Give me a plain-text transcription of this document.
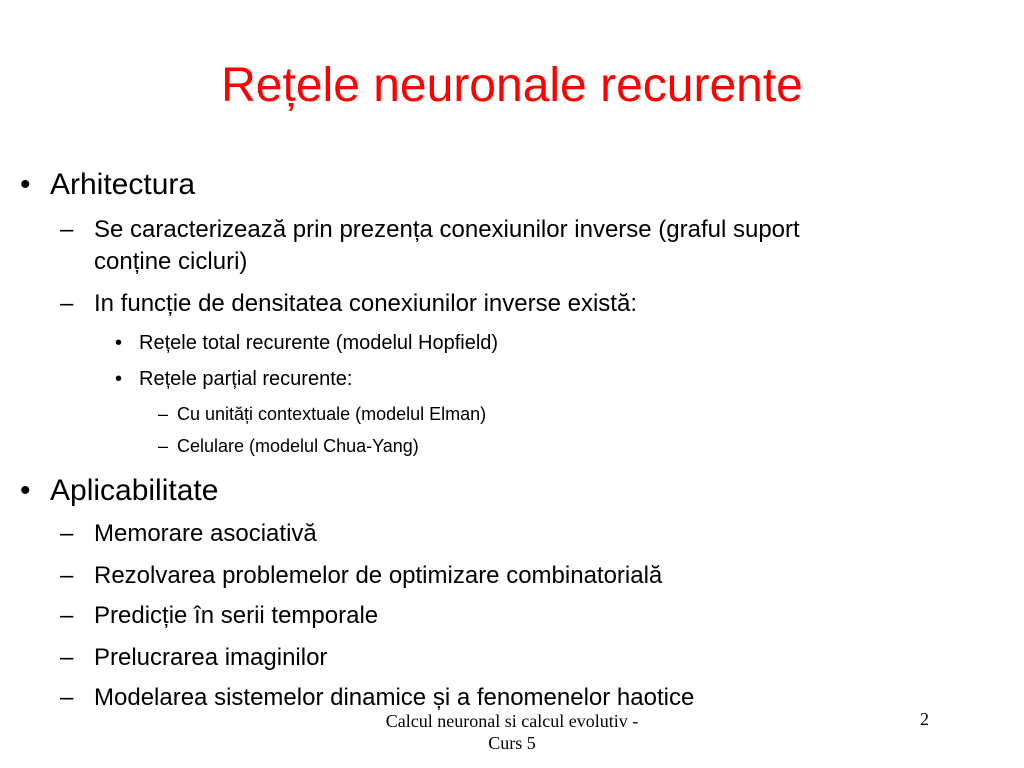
Rețele neuronale recurente
• Arhitectura
– Se caracterizează prin prezența conexiunilor inverse (graful suport
conține cicluri)
– In funcție de densitatea conexiunilor inverse există:
• Rețele total recurente (modelul Hopfield)
• Rețele parțial recurente:
– Cu unități contextuale (modelul Elman)
– Celulare (modelul Chua-Yang)
• Aplicabilitate
– Memorare asociativă
– Rezolvarea problemelor de optimizare combinatorială
– Predicție în serii temporale
– Prelucrarea imaginilor
– Modelarea sistemelor dinamice și a fenomenelor haotice
Calcul neuronal si calcul evolutiv -
Curs 5
2
